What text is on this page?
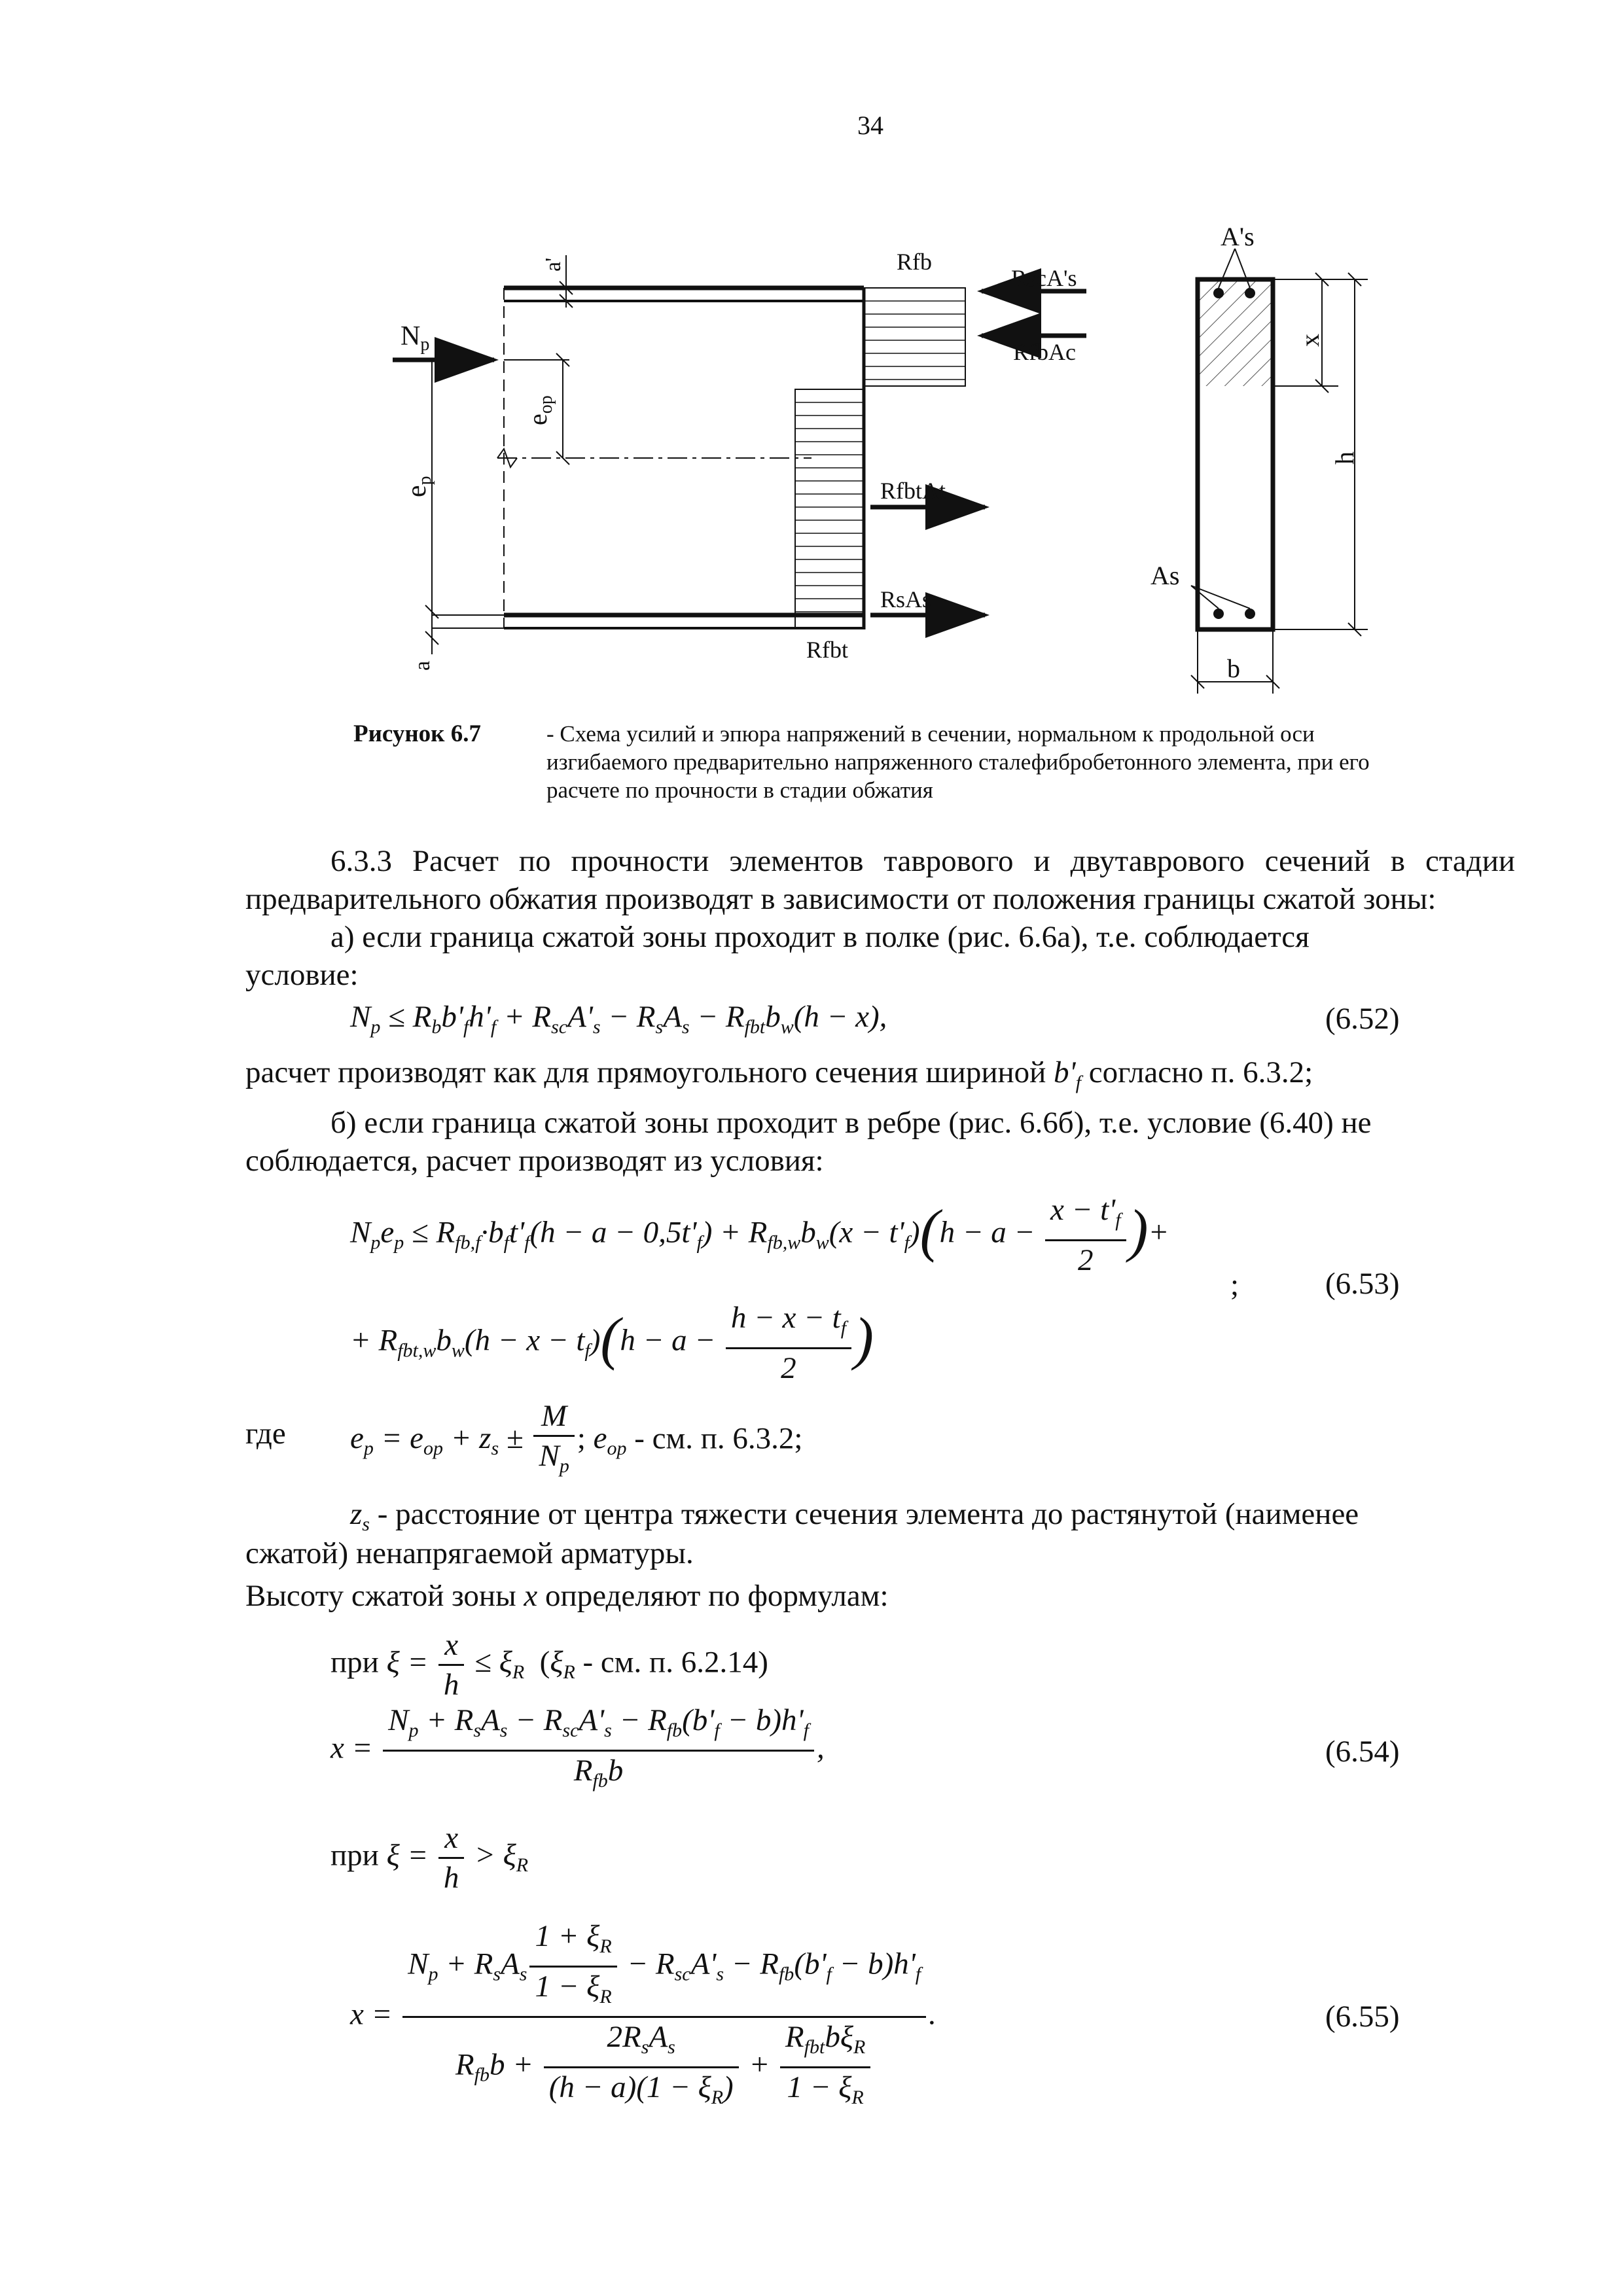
34
Np
ep
$e_{op}$
a'
a
Rfb
Rfbt
RscA's
RfbAc
RfbtAt
RsAs
A's
As
x
h
b
Рисунок 6.7	- Схема усилий и эпюра напряжений в сечении, нормальном к продольной оси изгибаемого предварительно напряженного сталефибробетонного элемента, при его расчете по прочности в стадии обжатия
6.3.3 Расчет по прочности элементов таврового и двутаврового сечений в стадии предварительного обжатия производят в зависимости от положения границы сжатой зоны:
а) если граница сжатой зоны проходит в полке (рис. 6.6а), т.е. соблюдается
условие:
$N_p \le R_bb'_fh'_f + R_{sc}A'_s - R_sA_s - R_{fbt}b_w(h - x)$,	(6.52)
расчет производят как для прямоугольного сечения шириной $b'_f$ согласно п. 6.3.2;
б) если граница сжатой зоны проходит в ребре (рис. 6.6б), т.е. условие (6.40) не
соблюдается, расчет производят из условия:
$N_pe_p \le R_{fb,f}\cdot b_ft'_f(h - a - 0,5t'_f) + R_{fb,w}b_w(x - t'_f)(h - a - \frac{x - t'_f}{2}$ )+
;	(6.53)
+ $R_{fbt,w}b_w(h - x - t_f)(h - a - \frac{h - x - t_f}{2}$ )
где $e_p = e_{op} + z_s \pm \frac{M}{N_p}$ ; $e_{op}$ - см. п. 6.3.2;
$z_s$ - расстояние от центра тяжести сечения элемента до растянутой (наименее
сжатой) ненапрягаемой арматуры.
Высоту сжатой зоны x определяют по формулам:
при $\xi = \frac{x}{h} \le \xi_R$  ($\xi_R$ - см. п. 6.2.14)
$x = \frac{N_p + R_sA_s - R_{sc}A'_s - R_{fb}(b'_f - b)h'_f}{R_{fb}b}$ ,	(6.54)
при $\xi = \frac{x}{h} > \xi_R$
$x = \frac{N_p + R_sA_s \frac{1 + \xi_R}{1 - \xi_R} - R_{sc}A'_s - R_{fb}(b'_f - b)h'_f}{R_{fb}b + \frac{2R_sA_s}{(h - a)(1 - \xi_R)} + \frac{R_{fbt}b\xi_R}{1 - \xi_R}}$ .	(6.55)
